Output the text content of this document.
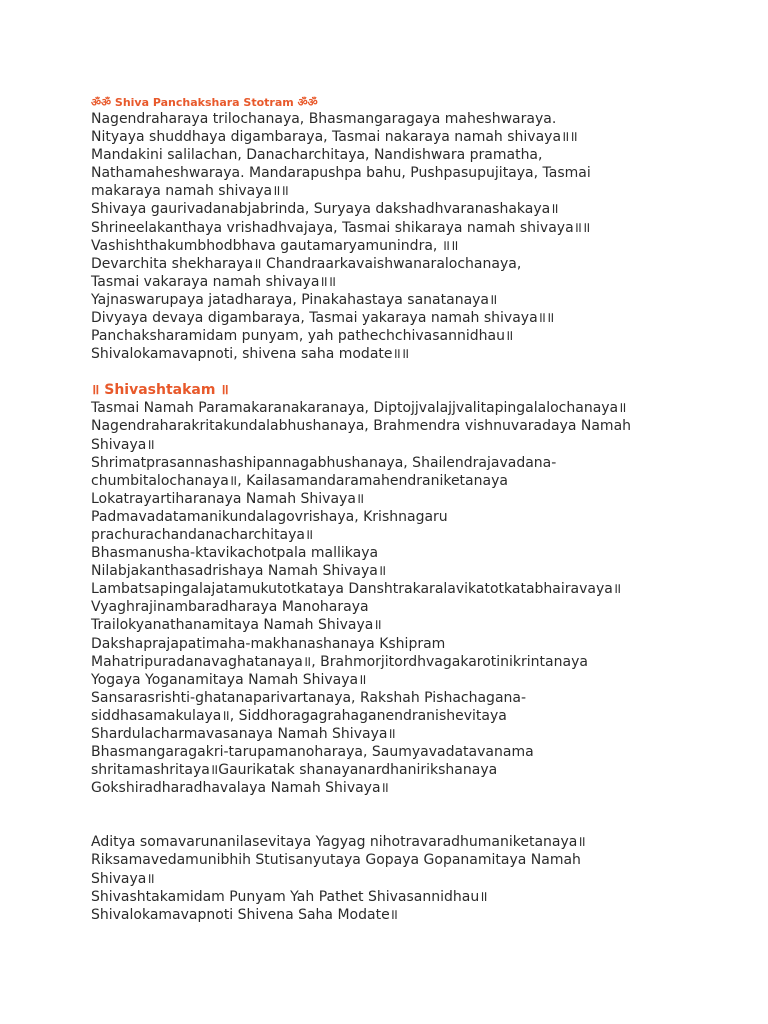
ॐॐ Shiva Panchakshara Stotram ॐॐ
Nagendraharaya trilochanaya, Bhasmangaragaya maheshwaraya.
Nityaya shuddhaya digambaraya, Tasmai nakaraya namah shivaya॥॥
Mandakini salilachan, Danacharchitaya, Nandishwara pramatha,
Nathamaheshwaraya. Mandarapushpa bahu, Pushpasupujitaya, Tasmai
makaraya namah shivaya॥॥
Shivaya gaurivadanabjabrinda, Suryaya dakshadhvaranashakaya॥
Shrineelakanthaya vrishadhvajaya, Tasmai shikaraya namah shivaya॥॥
Vashishthakumbhodbhava gautamaryamunindra, ॥॥
Devarchita shekharaya॥ Chandraarkavaishwanaralochanaya,
Tasmai vakaraya namah shivaya॥॥
Yajnaswarupaya jatadharaya, Pinakahastaya sanatanaya॥
Divyaya devaya digambaraya, Tasmai yakaraya namah shivaya॥॥
Panchaksharamidam punyam, yah pathechchivasannidhau॥
Shivalokamavapnoti, shivena saha modate॥॥
॥ Shivashtakam ॥
Tasmai Namah Paramakaranakaranaya, Diptojjvalajjvalitapingalalochanaya॥
Nagendraharakritakundalabhushanaya, Brahmendra vishnuvaradaya Namah
Shivaya॥
Shrimatprasannashashipannagabhushanaya, Shailendrajavadana-
chumbitalochanaya॥, Kailasamandaramahendraniketanaya
Lokatrayartiharanaya Namah Shivaya॥
Padmavadatamanikundalagovrishaya, Krishnagaru
prachurachandanacharchitaya॥
Bhasmanusha-ktavikachotpala mallikaya
Nilabjakanthasadrishaya Namah Shivaya॥
Lambatsapingalajatamukutotkataya Danshtrakaralavikatotkatabhairavaya॥
Vyaghrajinambaradharaya Manoharaya
Trailokyanathanamitaya Namah Shivaya॥
Dakshaprajapatimaha-makhanashanaya Kshipram
Mahatripuradanavaghatanaya॥, Brahmorjitordhvagakarotinikrintanaya
Yogaya Yoganamitaya Namah Shivaya॥
Sansarasrishti-ghatanaparivartanaya, Rakshah Pishachagana-
siddhasamakulaya॥, Siddhoragagrahaganendranishevitaya
Shardulacharmavasanaya Namah Shivaya॥
Bhasmangaragakri-tarupamanoharaya, Saumyavadatavanama
shritamashritaya॥Gaurikatak shanayanardhanirikshanaya
Gokshiradharadhavalaya Namah Shivaya॥
Aditya somavarunanilasevitaya Yagyag nihotravaradhumaniketanaya॥
Riksamavedamunibhih Stutisanyutaya Gopaya Gopanamitaya Namah
Shivaya॥
Shivashtakamidam Punyam Yah Pathet Shivasannidhau॥
Shivalokamavapnoti Shivena Saha Modate॥
